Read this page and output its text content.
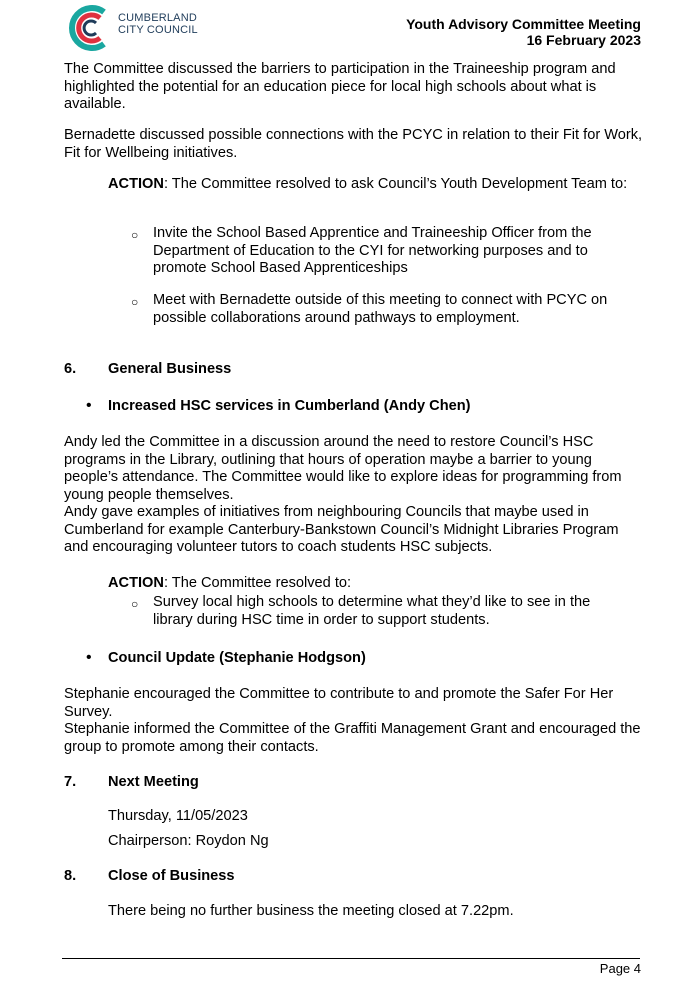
CUMBERLAND
CITY COUNCIL	Youth Advisory Committee Meeting
16 February 2023

The Committee discussed the barriers to participation in the Traineeship program and highlighted the potential for an education piece for local high schools about what is available.

Bernadette discussed possible connections with the PCYC in relation to their Fit for Work, Fit for Wellbeing initiatives.

ACTION: The Committee resolved to ask Council’s Youth Development Team to:

○ Invite the School Based Apprentice and Traineeship Officer from the Department of Education to the CYI for networking purposes and to promote School Based Apprenticeships

○ Meet with Bernadette outside of this meeting to connect with PCYC on possible collaborations around pathways to employment.

6. General Business
• Increased HSC services in Cumberland (Andy Chen)

Andy led the Committee in a discussion around the need to restore Council’s HSC programs in the Library, outlining that hours of operation maybe a barrier to young people’s attendance. The Committee would like to explore ideas for programming from young people themselves.

Andy gave examples of initiatives from neighbouring Councils that maybe used in Cumberland for example Canterbury-Bankstown Council’s Midnight Libraries Program and encouraging volunteer tutors to coach students HSC subjects.

ACTION: The Committee resolved to:

○ Survey local high schools to determine what they’d like to see in the library during HSC time in order to support students.

• Council Update (Stephanie Hodgson)

Stephanie encouraged the Committee to contribute to and promote the Safer For Her Survey.

Stephanie informed the Committee of the Graffiti Management Grant and encouraged the group to promote among their contacts.

7. Next Meeting

Thursday, 11/05/2023

Chairperson: Roydon Ng

8. Close of Business

There being no further business the meeting closed at 7.22pm.

Page 4
